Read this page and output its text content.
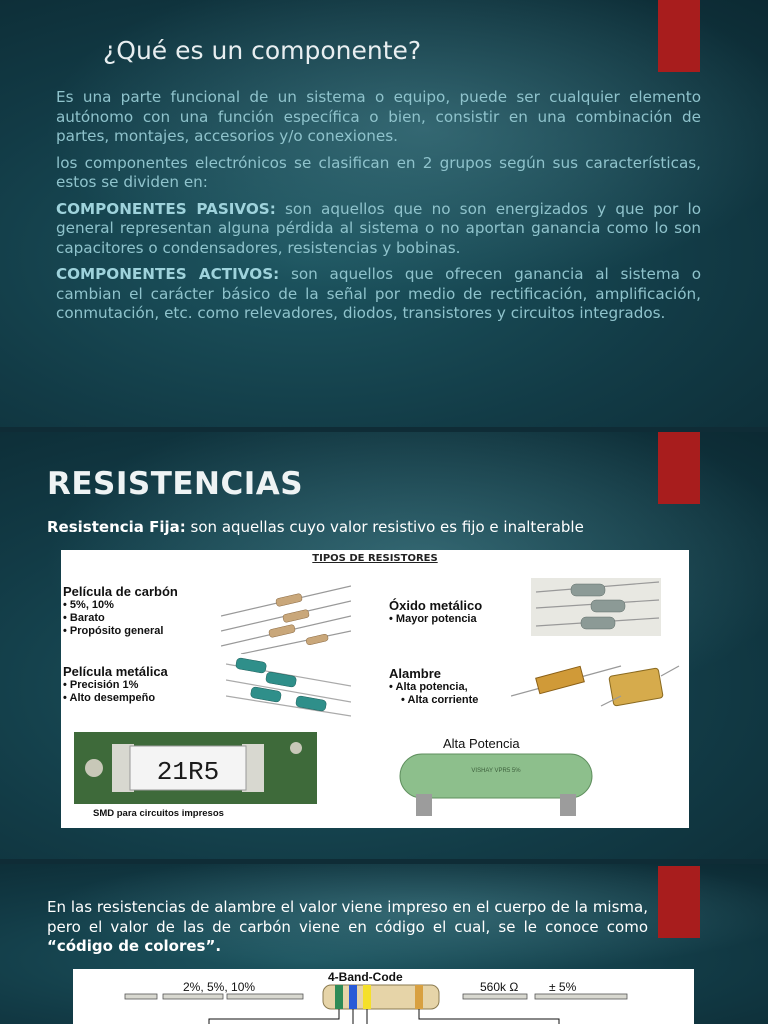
¿Qué es un componente?

Es una parte funcional de un sistema o equipo, puede ser cualquier elemento autónomo con una función específica o bien, consistir en una combinación de partes, montajes, accesorios y/o conexiones.

los componentes electrónicos se clasifican en 2 grupos según sus características, estos se dividen en:

COMPONENTES PASIVOS: son aquellos que no son energizados y que por lo general representan alguna pérdida al sistema o no aportan ganancia como lo son capacitores o condensadores, resistencias y bobinas.

COMPONENTES ACTIVOS: son aquellos que ofrecen ganancia al sistema o cambian el carácter básico de la señal por medio de rectificación, amplificación, conmutación, etc. como relevadores, diodos, transistores y circuitos integrados.

RESISTENCIAS
Resistencia Fija: son aquellas cuyo valor resistivo es fijo e inalterable
TIPOS DE RESISTORES
Película de carbón
• 5%, 10%
• Barato
• Propósito general
Película metálica
• Precisión 1%
• Alto desempeño
Óxido metálico
• Mayor potencia
Alambre
• Alta potencia,
• Alta corriente
21R5
SMD para circuitos impresos
Alta Potencia
VISHAY VPR5 5%
En las resistencias de alambre el valor viene impreso en el cuerpo de la misma, pero el valor de las de carbón viene en código el cual, se le conoce como “código de colores”.
4-Band-Code
2%, 5%, 10%	560k Ω	± 5%
